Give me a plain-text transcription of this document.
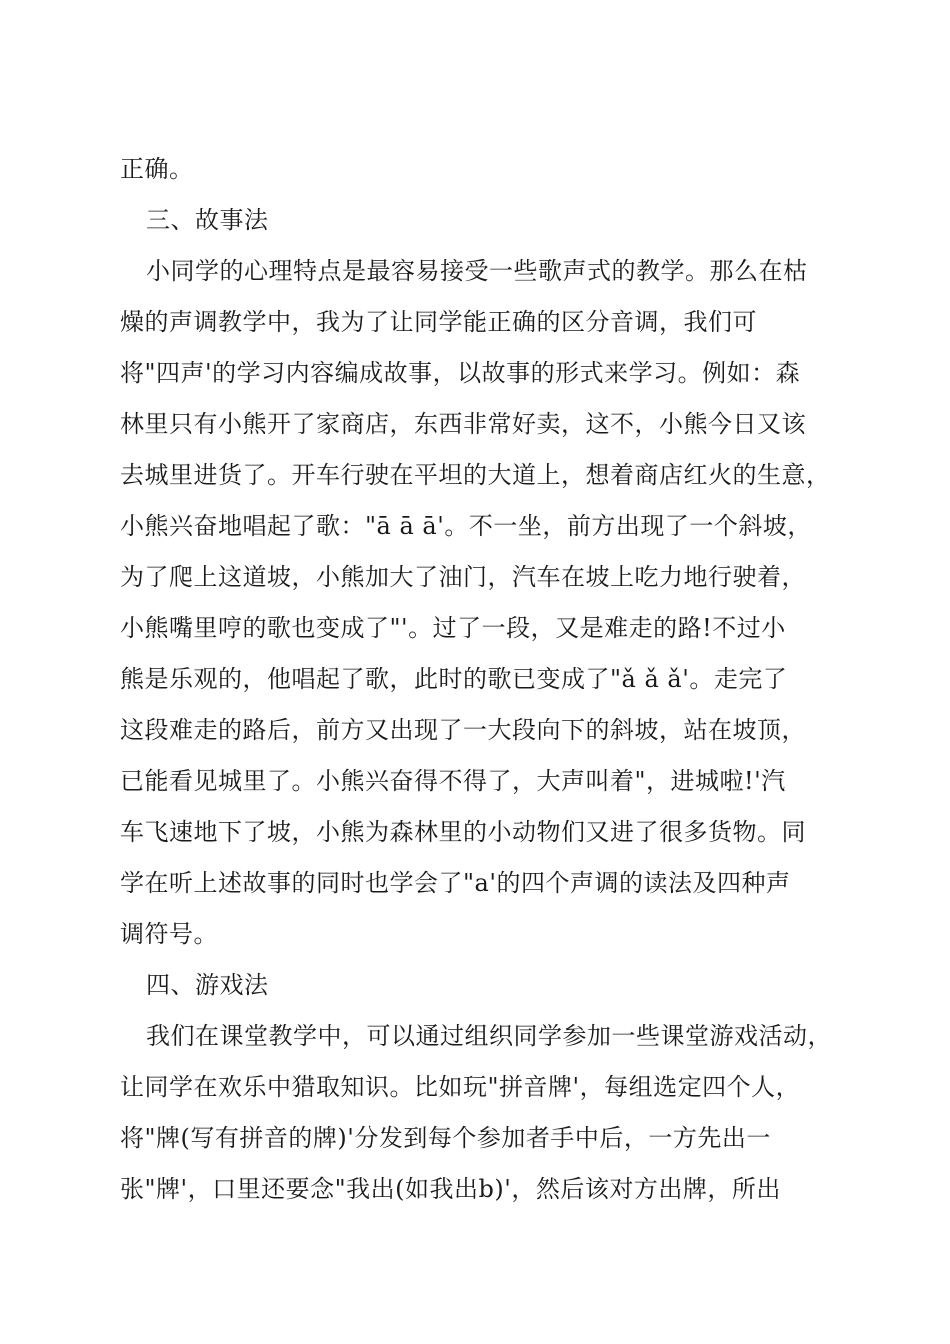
正确。
三、故事法
小同学的心理特点是最容易接受一些歌声式的教学。那么在枯
燥的声调教学中，我为了让同学能正确的区分音调，我们可
将"四声'的学习内容编成故事，以故事的形式来学习。例如：森
林里只有小熊开了家商店，东西非常好卖，这不，小熊今日又该
去城里进货了。开车行驶在平坦的大道上，想着商店红火的生意，
小熊兴奋地唱起了歌："ā ā ā'。不一坐，前方出现了一个斜坡，
为了爬上这道坡，小熊加大了油门，汽车在坡上吃力地行驶着，
小熊嘴里哼的歌也变成了"'。过了一段，又是难走的路!不过小
熊是乐观的，他唱起了歌，此时的歌已变成了"ǎ ǎ ǎ'。走完了
这段难走的路后，前方又出现了一大段向下的斜坡，站在坡顶，
已能看见城里了。小熊兴奋得不得了，大声叫着"，进城啦!'汽
车飞速地下了坡，小熊为森林里的小动物们又进了很多货物。同
学在听上述故事的同时也学会了"a'的四个声调的读法及四种声
调符号。
四、游戏法
我们在课堂教学中，可以通过组织同学参加一些课堂游戏活动，
让同学在欢乐中猎取知识。比如玩"拼音牌'，每组选定四个人，
将"牌(写有拼音的牌)'分发到每个参加者手中后，一方先出一
张"牌'，口里还要念"我出(如我出b)'，然后该对方出牌，所出
